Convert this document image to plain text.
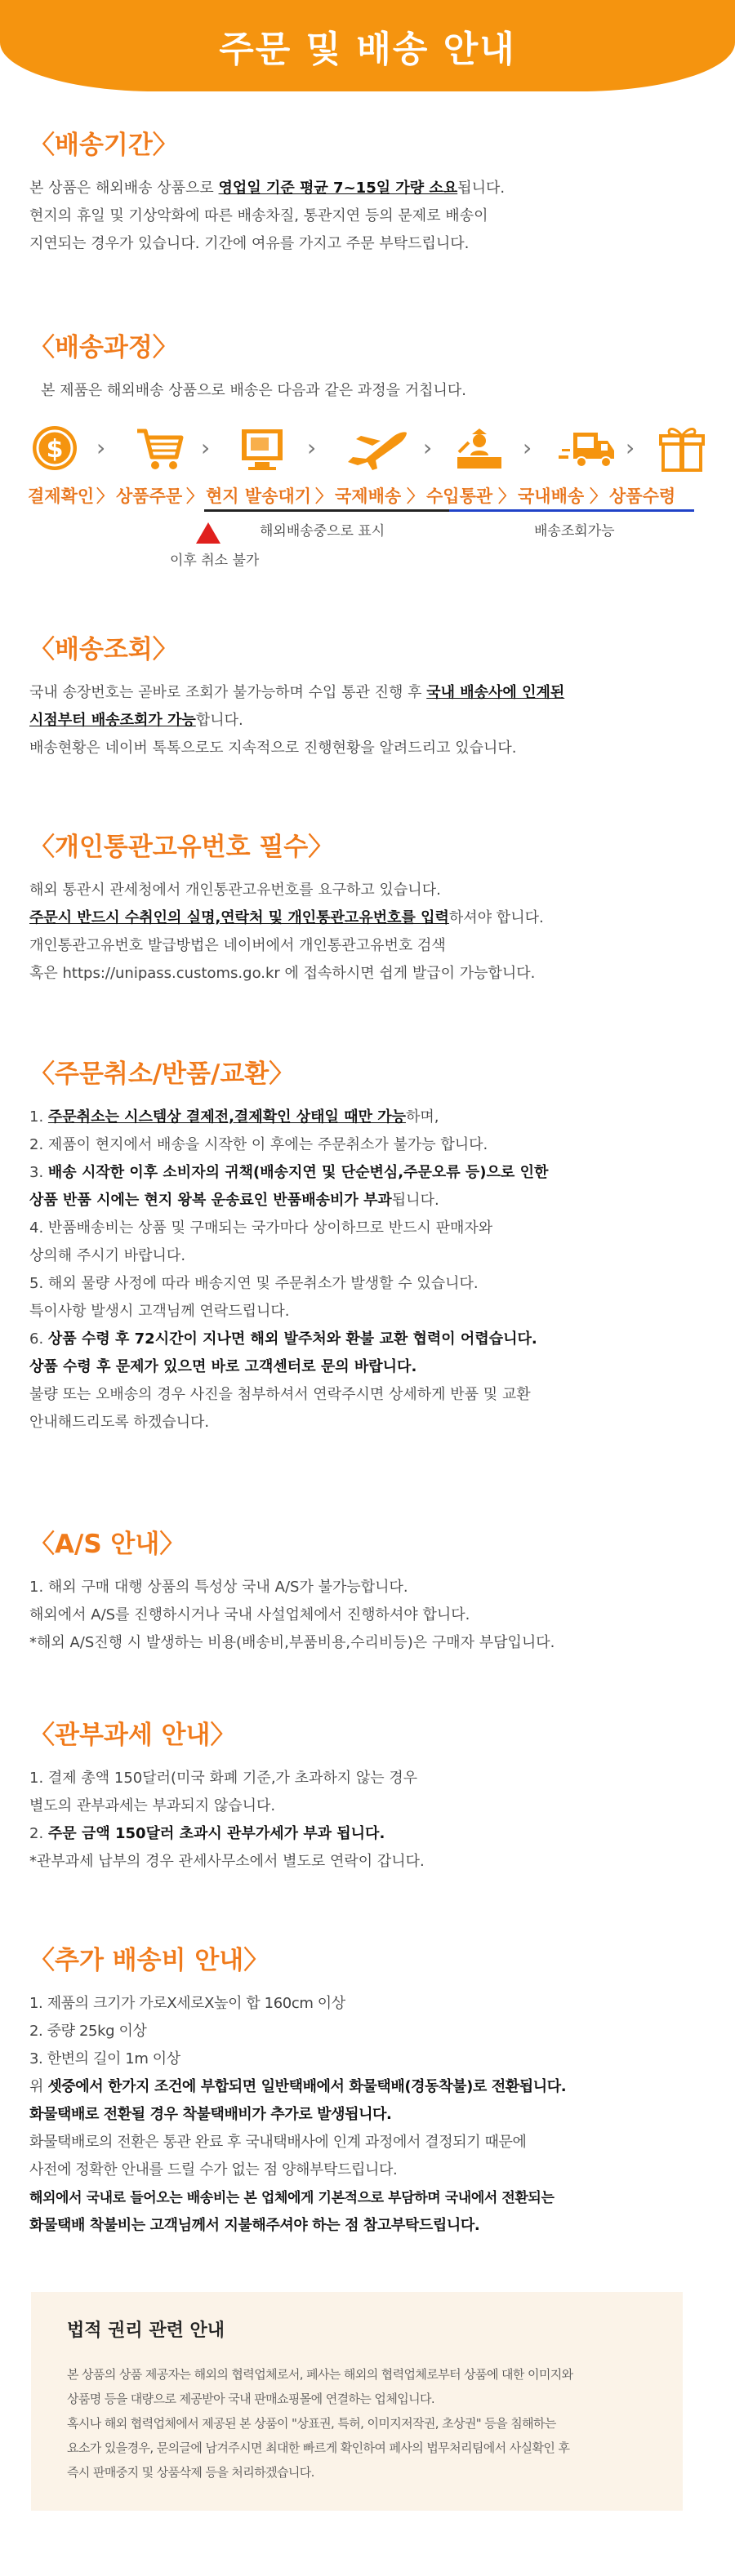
주문 및 배송 안내
〈배송기간〉
본 상품은 해외배송 상품으로 영업일 기준 평균 7~15일 가량 소요됩니다.
현지의 휴일 및 기상악화에 따른 배송차질, 통관지연 등의 문제로 배송이
지연되는 경우가 있습니다. 기간에 여유를 가지고 주문 부탁드립니다.
〈배송과정〉
본 제품은 해외배송 상품으로 배송은 다음과 같은 과정을 거칩니다.
$ ›	›	›	›	›	›
결제확인 〉 상품주문 〉 현지 발송대기 〉 국제배송 〉 수입통관 〉 국내배송 〉 상품수령
해외배송중으로 표시	배송조회가능
이후 취소 불가
〈배송조회〉
국내 송장번호는 곧바로 조회가 불가능하며 수입 통관 진행 후 국내 배송사에 인계된
시점부터 배송조회가 가능합니다.
배송현황은 네이버 톡톡으로도 지속적으로 진행현황을 알려드리고 있습니다.
〈개인통관고유번호 필수〉
해외 통관시 관세청에서 개인통관고유번호를 요구하고 있습니다.
주문시 반드시 수취인의 실명,연락처 및 개인통관고유번호를 입력하셔야 합니다.
개인통관고유번호 발급방법은 네이버에서 개인통관고유번호 검색
혹은 https://unipass.customs.go.kr 에 접속하시면 쉽게 발급이 가능합니다.
〈주문취소/반품/교환〉
1. 주문취소는 시스템상 결제전,결제확인 상태일 때만 가능하며,
2. 제품이 현지에서 배송을 시작한 이 후에는 주문취소가 불가능 합니다.
3. 배송 시작한 이후 소비자의 귀책(배송지연 및 단순변심,주문오류 등)으로 인한
상품 반품 시에는 현지 왕복 운송료인 반품배송비가 부과됩니다.
4. 반품배송비는 상품 및 구매되는 국가마다 상이하므로 반드시 판매자와
상의해 주시기 바랍니다.
5. 해외 물량 사정에 따라 배송지연 및 주문취소가 발생할 수 있습니다.
특이사항 발생시 고객님께 연락드립니다.
6. 상품 수령 후 72시간이 지나면 해외 발주처와 환불 교환 협력이 어렵습니다.
상품 수령 후 문제가 있으면 바로 고객센터로 문의 바랍니다.
불량 또는 오배송의 경우 사진을 첨부하셔서 연락주시면 상세하게 반품 및 교환
안내해드리도록 하겠습니다.
〈A/S 안내〉
1. 해외 구매 대행 상품의 특성상 국내 A/S가 불가능합니다.
해외에서 A/S를 진행하시거나 국내 사설업체에서 진행하셔야 합니다.
*해외 A/S진행 시 발생하는 비용(배송비,부품비용,수리비등)은 구매자 부담입니다.
〈관부과세 안내〉
1. 결제 총액 150달러(미국 화폐 기준,가 초과하지 않는 경우
별도의 관부과세는 부과되지 않습니다.
2. 주문 금액 150달러 초과시 관부가세가 부과 됩니다.
*관부과세 납부의 경우 관세사무소에서 별도로 연락이 갑니다.
〈추가 배송비 안내〉
1. 제품의 크기가 가로X세로X높이 합 160cm 이상
2. 중량 25kg 이상
3. 한변의 길이 1m 이상
위 셋중에서 한가지 조건에 부합되면 일반택배에서 화물택배(경동착불)로 전환됩니다.
화물택배로 전환될 경우 착불택배비가 추가로 발생됩니다.
화물택배로의 전환은 통관 완료 후 국내택배사에 인계 과정에서 결정되기 때문에
사전에 정확한 안내를 드릴 수가 없는 점 양해부탁드립니다.
해외에서 국내로 들어오는 배송비는 본 업체에게 기본적으로 부담하며 국내에서 전환되는
화물택배 착불비는 고객님께서 지불해주셔야 하는 점 참고부탁드립니다.
법적 권리 관련 안내
본 상품의 상품 제공자는 해외의 협력업체로서, 페사는 해외의 협력업체로부터 상품에 대한 이미지와
상품명 등을 대량으로 제공받아 국내 판매쇼핑몰에 연결하는 업체입니다.
혹시나 해외 협력업체에서 제공된 본 상품이 "상표권, 특허, 이미지저작권, 초상권" 등을 침해하는
요소가 있을경우, 문의글에 남겨주시면 최대한 빠르게 확인하여 페사의 법무처리팀에서 사실확인 후
즉시 판매중지 및 상품삭제 등을 처리하겠습니다.
